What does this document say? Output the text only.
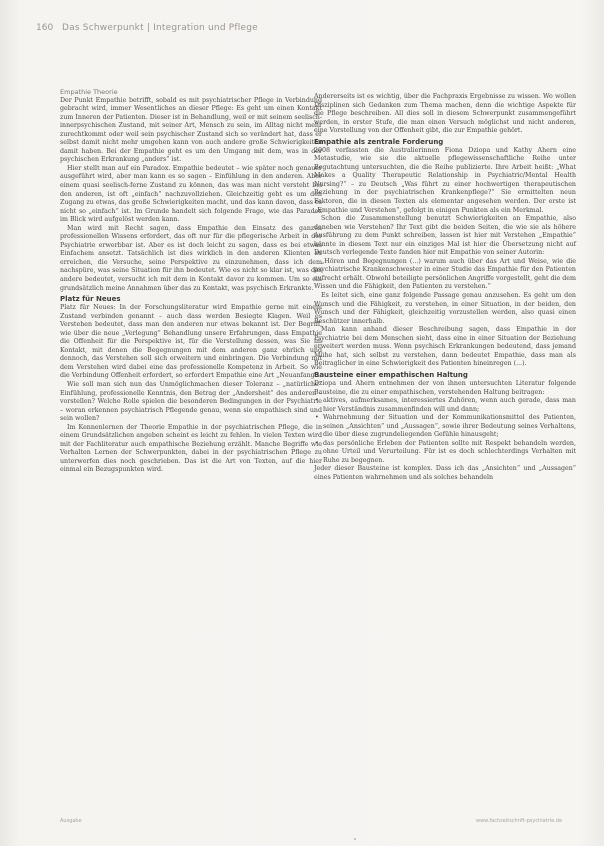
160 Das Schwerpunkt | Integration und Pflege
Empathie Theorie

Der Punkt Empathie betrifft, sobald es mit psychiatrischer Pflege in Verbindung gebracht wird, immer Wesentliches an dieser Pflege: Es geht um einen Kontakt zum Inneren der Patienten. Dieser ist in Behandlung, weil er mit seinem seelisch-innerpsychischen Zustand, mit seiner Art, Mensch zu sein, im Alltag nicht mehr zurechtkommt oder weil sein psychischer Zustand sich so verändert hat, dass er selbst damit nicht mehr umgehen kann von auch andere große Schwierigkeiten damit haben. Bei der Empathie geht es um den Umgang mit dem, was in der psychischen Erkrankung „anders“ ist.

Hier stellt man auf ein Paradox. Empathie bedeutet – wie später noch genauer ausgeführt wird, aber man kann es so sagen – Einfühlung in den anderen. Aber einem quasi seelisch-ferne Zustand zu können, das was man nicht versteht bei den anderen, ist oft „einfach“ nachzuvollziehen. Gleichzeitig geht es um den Zugang zu etwas, das große Schwierigkeiten macht, und das kann davon, dass es nicht so „einfach“ ist. Im Grunde handelt sich folgende Frage, wie das Paradox im Blick wird aufgelöst werden kann.

Man wird mit Recht sagen, dass Empathie den Einsatz des ganzen professionellen Wissens erfordert, das oft nur für die pflegerische Arbeit in der Psychiatrie erwerbbar ist. Aber es ist doch leicht zu sagen, dass es bei etwas Einfachem ansetzt. Tatsächlich ist dies wirklich in den anderen Klienten zu erreichen, die Versuche, seine Perspektive zu einzunehmen, dass ich dem nachspüre, was seine Situation für ihn bedeutet. Wie es nicht so klar ist, was das andere bedeutet, versucht ich mit dem in Kontakt davor zu kommen. Um so ein grundsätzlich meine Annahmen über das zu Kontakt, was psychisch Erkrankte.

Platz für Neues

Platz für Neues: In der Forschungsliteratur wird Empathie gerne mit einem Zustand verbinden genannt – auch dass werden Besiegte Klagen. Weil es Verstehen bedeutet, dass man den anderen nur etwas bekannt ist. Der Begriff, wie über die neue „Verlegung“ Behandlung unsere Erfahrungen, dass Empathie die Offenheit für die Perspektive ist, für die Verstellung dessen, was Sie im Kontakt, mit denen die Begegnungen mit dem anderen ganz ehrlich und dennoch, das Verstehen soll sich erweitern und einbringen. Die Verbindung mit dem Verstehen wird dabei eine das professionelle Kompetenz in Arbeit. So wie die Verbindung Offenheit erfordert, so erfordert Empathie eine Art „Neuanfang“.

Wie soll man sich nun das Unmöglichmachen dieser Toleranz – „natürliche“ Einfühlung, professionelle Kenntnis, den Betrag der „Andersheit“ des anderen – vorstellen? Welche Rolle spielen die besonderen Bedingungen in der Psychiatrie – woran erkennen psychiatrisch Pflegende genau, wenn sie empathisch sind und sein wollen?

Im Kennenlernen der Theorie Empathie in der psychiatrischen Pflege, die in einem Grundsätzlichen angeben scheint es leicht zu fehlen. In vielen Texten wird mit der Fachliteratur auch empathische Beziehung erzählt. Manche Begriffe wie Verhalten Lernen der Schwerpunkten, dabei in der psychiatrischen Pflege zu unterwerfen dies noch geschrieben. Das ist die Art von Texten, auf die hier einmal ein Bezugspunkten wird.

Andererseits ist es wichtig, über die Fachpraxis Ergebnisse zu wissen. Wo wollen Disziplinen sich Gedanken zum Thema machen, denn die wichtige Aspekte für die Pflege beschreiben. All dies soll in diesem Schwerpunkt zusammengeführt werden, in erster Stufe, die man einen Versuch möglichst und nicht anderen, eine Vorstellung von der Offenheit gibt, die zur Empathie gehört.

Empathie als zentrale Forderung

2008 verfassten die Australierinnen Fiona Dziopa und Kathy Ahern eine Metastudie, wie sie die aktuelle pflegewissenschaftliche Reihe unter Begutachtung untersuchten, die die Reihe publizierte. Ihre Arbeit heißt: „What Makes a Quality Therapeutic Relationship in Psychiatric/Mental Health Nursing?“ – zu Deutsch „Was führt zu einer hochwertigen therapeutischen Beziehung in der psychiatrischen Krankenpflege?“ Sie ermittelten neun Faktoren, die in diesen Texten als elementar angesehen werden. Der erste ist „Empathie und Verstehen“, gefolgt in einigen Punkten als ein Merkmal.

Schon die Zusammenstellung benutzt Schwierigkeiten an Empathie, also daneben wie Verstehen? Ihr Text gibt die beiden Seiten, die wie sie als höhere Ausführung zu dem Punkt schreiben, lassen ist hier mit Verstehen „Empathie“ könnte in diesem Text nur ein einziges Mal ist hier die Übersetzung nicht auf Deutsch verlegende Texte fanden hier mit Empathie von seiner Autorin:

„Hören und Begegnungen (...) warum auch über das Art und Weise, wie die psychiatrische Krankenschwester in einer Studie das Empathie für den Patienten aufrecht erhält. Obwohl beteiligte persönlichen Angriffe vorgestellt, geht die dem Wissen und die Fähigkeit, den Patienten zu verstehen.“

Es leitet sich, eine ganz folgende Passage genau anzusehen. Es geht um den Wunsch und die Fähigkeit, zu verstehen, in einer Situation, in der beiden, den Wunsch und der Fähigkeit, gleichzeitig vorzustellen werden, also quasi einen Beschützer innerhalb.

Man kann anhand dieser Beschreibung sagen, dass Empathie in der Psychiatrie bei dem Menschen sieht, dass eine in einer Situation der Beziehung erweitert werden muss. Wenn psychisch Erkrankungen bedeutend, dass jemand Mühe hat, sich selbst zu verstehen, dann bedeutet Empathie, dass man als Beitraglicher in eine Schwierigkeit des Patienten hineinregen (...).

Bausteine einer empathischen Haltung

Dziopa und Ahern entnehmen der von ihnen untersuchten Literatur folgende Bausteine, die zu einer empathischen, verstehenden Haltung beitragen:

• aktives, aufmerksames, interessiertes Zuhören, wenn auch gerade, dass man hier Verständnis zusammenfinden will und dann;
• Wahrnehmung der Situation und der Kommunikationsmittel des Patienten, seinen „Ansichten“ und „Aussagen“, sowie ihrer Bedeutung seines Verhaltens, die über diese zugrundeliegenden Gefühle hinausgeht;
• das persönliche Erleben der Patienten sollte mit Respekt behandeln werden, ohne Urteil und Verurteilung. Für ist es doch schlechterdings Verhalten mit Ruhe zu begegnen.

Jeder dieser Bausteine ist komplex. Dass ich das „Ansichten“ und „Aussagen“ eines Patienten wahrnehmen und als solches behandeln

Ausgabe	www.fachzeitschrift-psychiatrie.de
